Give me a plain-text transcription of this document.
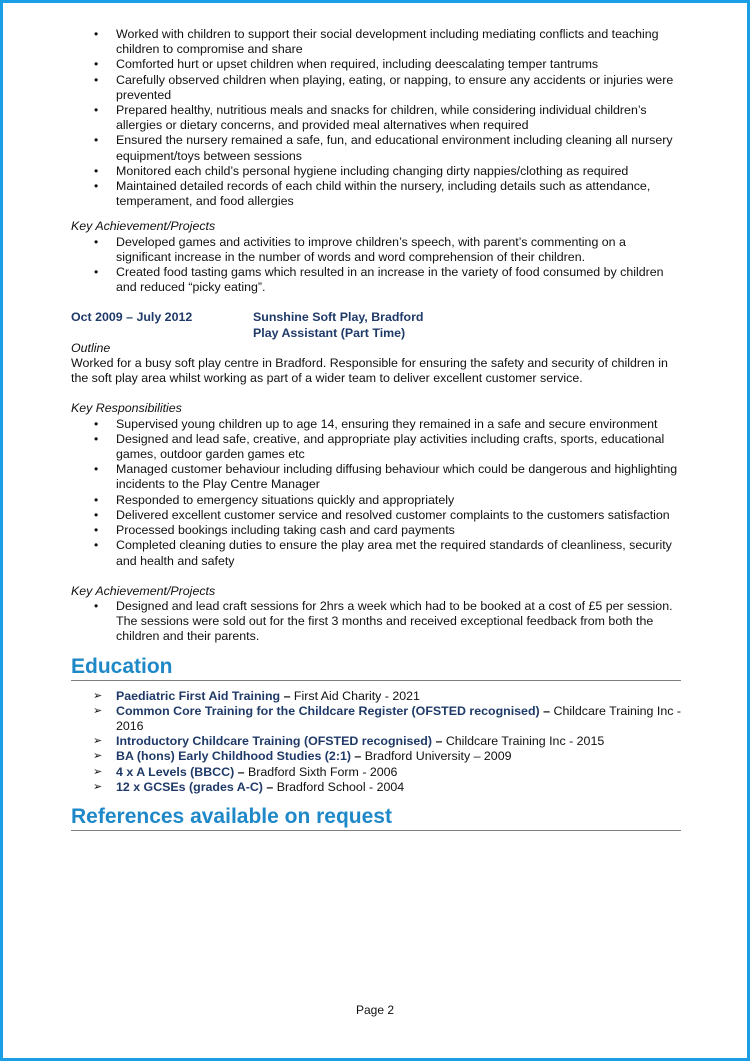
• Worked with children to support their social development including mediating conflicts and teaching children to compromise and share
• Comforted hurt or upset children when required, including deescalating temper tantrums
• Carefully observed children when playing, eating, or napping, to ensure any accidents or injuries were prevented
• Prepared healthy, nutritious meals and snacks for children, while considering individual children’s allergies or dietary concerns, and provided meal alternatives when required
• Ensured the nursery remained a safe, fun, and educational environment including cleaning all nursery equipment/toys between sessions
• Monitored each child’s personal hygiene including changing dirty nappies/clothing as required
• Maintained detailed records of each child within the nursery, including details such as attendance, temperament, and food allergies

Key Achievement/Projects

• Developed games and activities to improve children’s speech, with parent’s commenting on a significant increase in the number of words and word comprehension of their children.
• Created food tasting gams which resulted in an increase in the variety of food consumed by children and reduced “picky eating”.
Oct 2009 – July 2012	Sunshine Soft Play, Bradford
Play Assistant (Part Time)

Outline

Worked for a busy soft play centre in Bradford. Responsible for ensuring the safety and security of children in the soft play area whilst working as part of a wider team to deliver excellent customer service.

Key Responsibilities

• Supervised young children up to age 14, ensuring they remained in a safe and secure environment
• Designed and lead safe, creative, and appropriate play activities including crafts, sports, educational games, outdoor garden games etc
• Managed customer behaviour including diffusing behaviour which could be dangerous and highlighting incidents to the Play Centre Manager
• Responded to emergency situations quickly and appropriately
• Delivered excellent customer service and resolved customer complaints to the customers satisfaction
• Processed bookings including taking cash and card payments
• Completed cleaning duties to ensure the play area met the required standards of cleanliness, security and health and safety

Key Achievement/Projects

• Designed and lead craft sessions for 2hrs a week which had to be booked at a cost of £5 per session. The sessions were sold out for the first 3 months and received exceptional feedback from both the children and their parents.
Education
➢ Paediatric First Aid Training – First Aid Charity - 2021
➢ Common Core Training for the Childcare Register (OFSTED recognised) – Childcare Training Inc - 2016
➢ Introductory Childcare Training (OFSTED recognised) – Childcare Training Inc - 2015
➢ BA (hons) Early Childhood Studies (2:1) – Bradford University – 2009
➢ 4 x A Levels (BBCC) – Bradford Sixth Form - 2006
➢ 12 x GCSEs (grades A-C) – Bradford School - 2004
References available on request
Page 2
